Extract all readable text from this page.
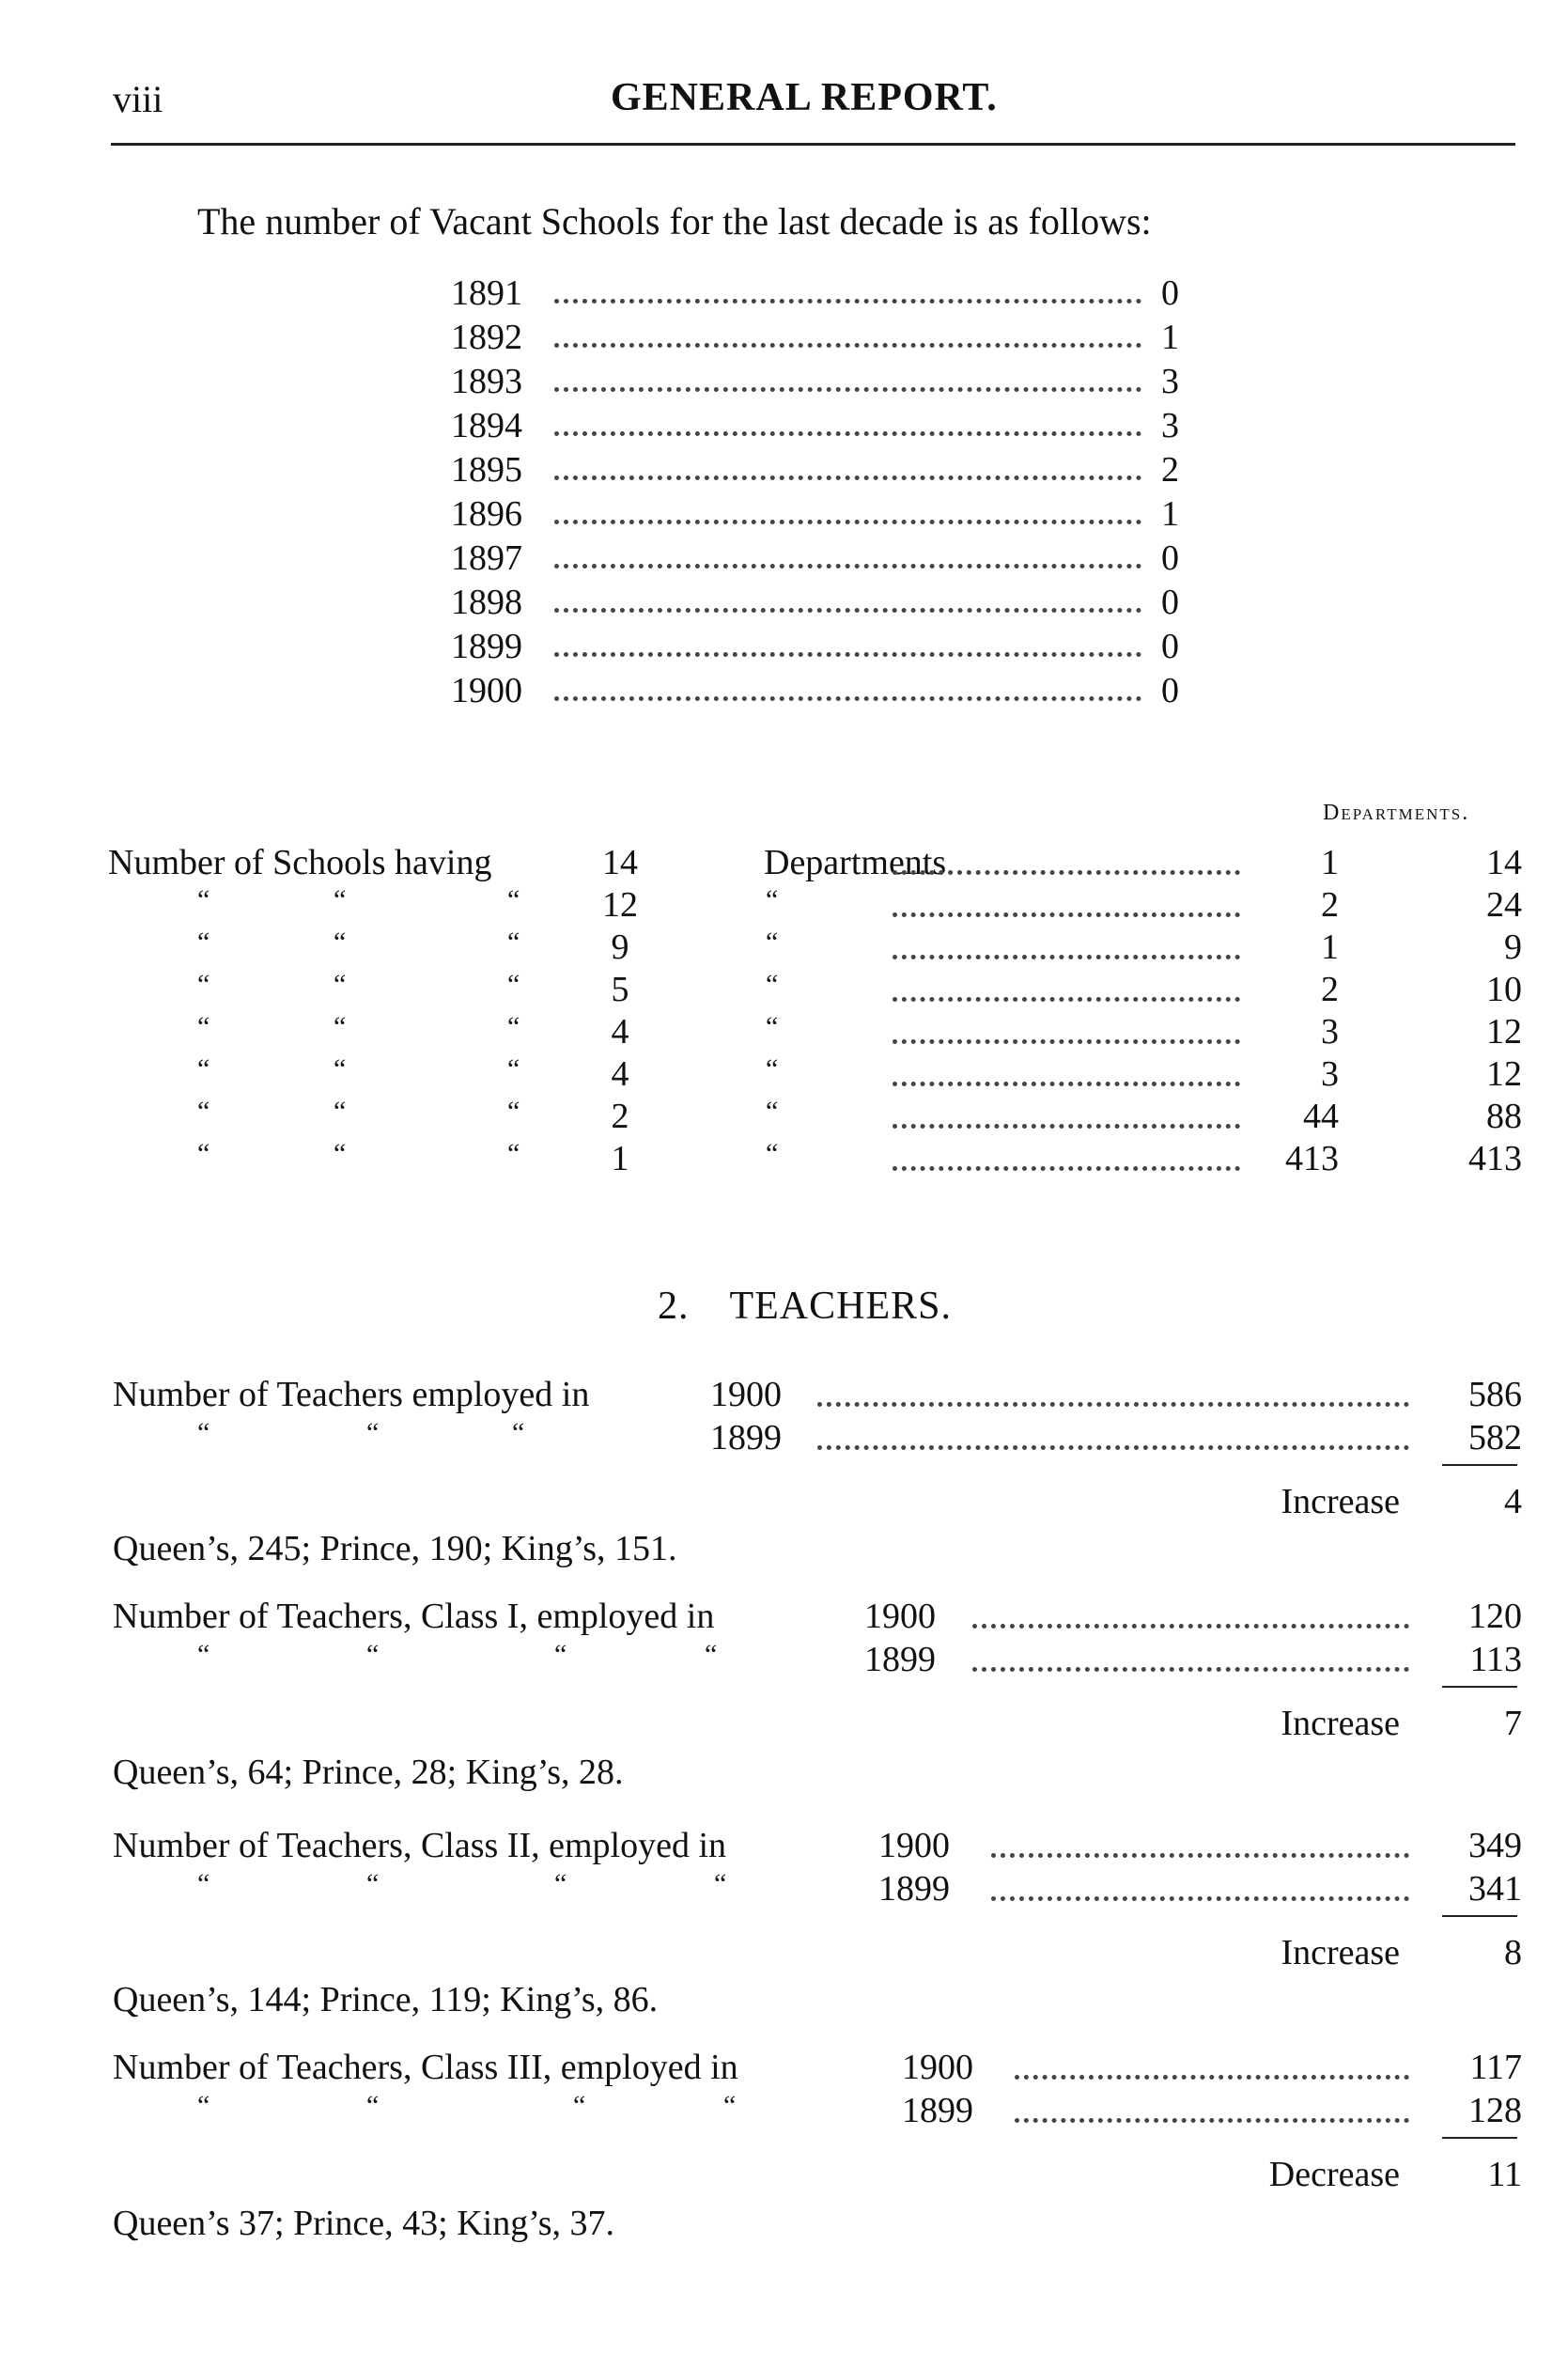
viii	GENERAL REPORT.
The number of Vacant Schools for the last decade is as follows:
1891	0
1892	1
1893	3
1894	3
1895	2
1896	1
1897	0
1898	0
1899	0
1900	0
Departments.
Number of Schools having	14	Departments	1	14
“	“	“	12	“	2	24
“	“	“	9	“	1	9
“	“	“	5	“	2	10
“	“	“	4	“	3	12
“	“	“	4	“	3	12
“	“	“	2	“	44	88
“	“	“	1	“	413	413
2. TEACHERS.
Number of Teachers employed in	1900	586
“	“	“	1899	582
Increase	4
Queen’s, 245; Prince, 190; King’s, 151.
Number of Teachers, Class I, employed in	1900	120
“	“	“	“	1899	113
Increase	7
Queen’s, 64; Prince, 28; King’s, 28.
Number of Teachers, Class II, employed in	1900	349
“	“	“	“	1899	341
Increase	8
Queen’s, 144; Prince, 119; King’s, 86.
Number of Teachers, Class III, employed in	1900	117
“	“	“	“	1899	128
Decrease	11
Queen’s 37; Prince, 43; King’s, 37.
